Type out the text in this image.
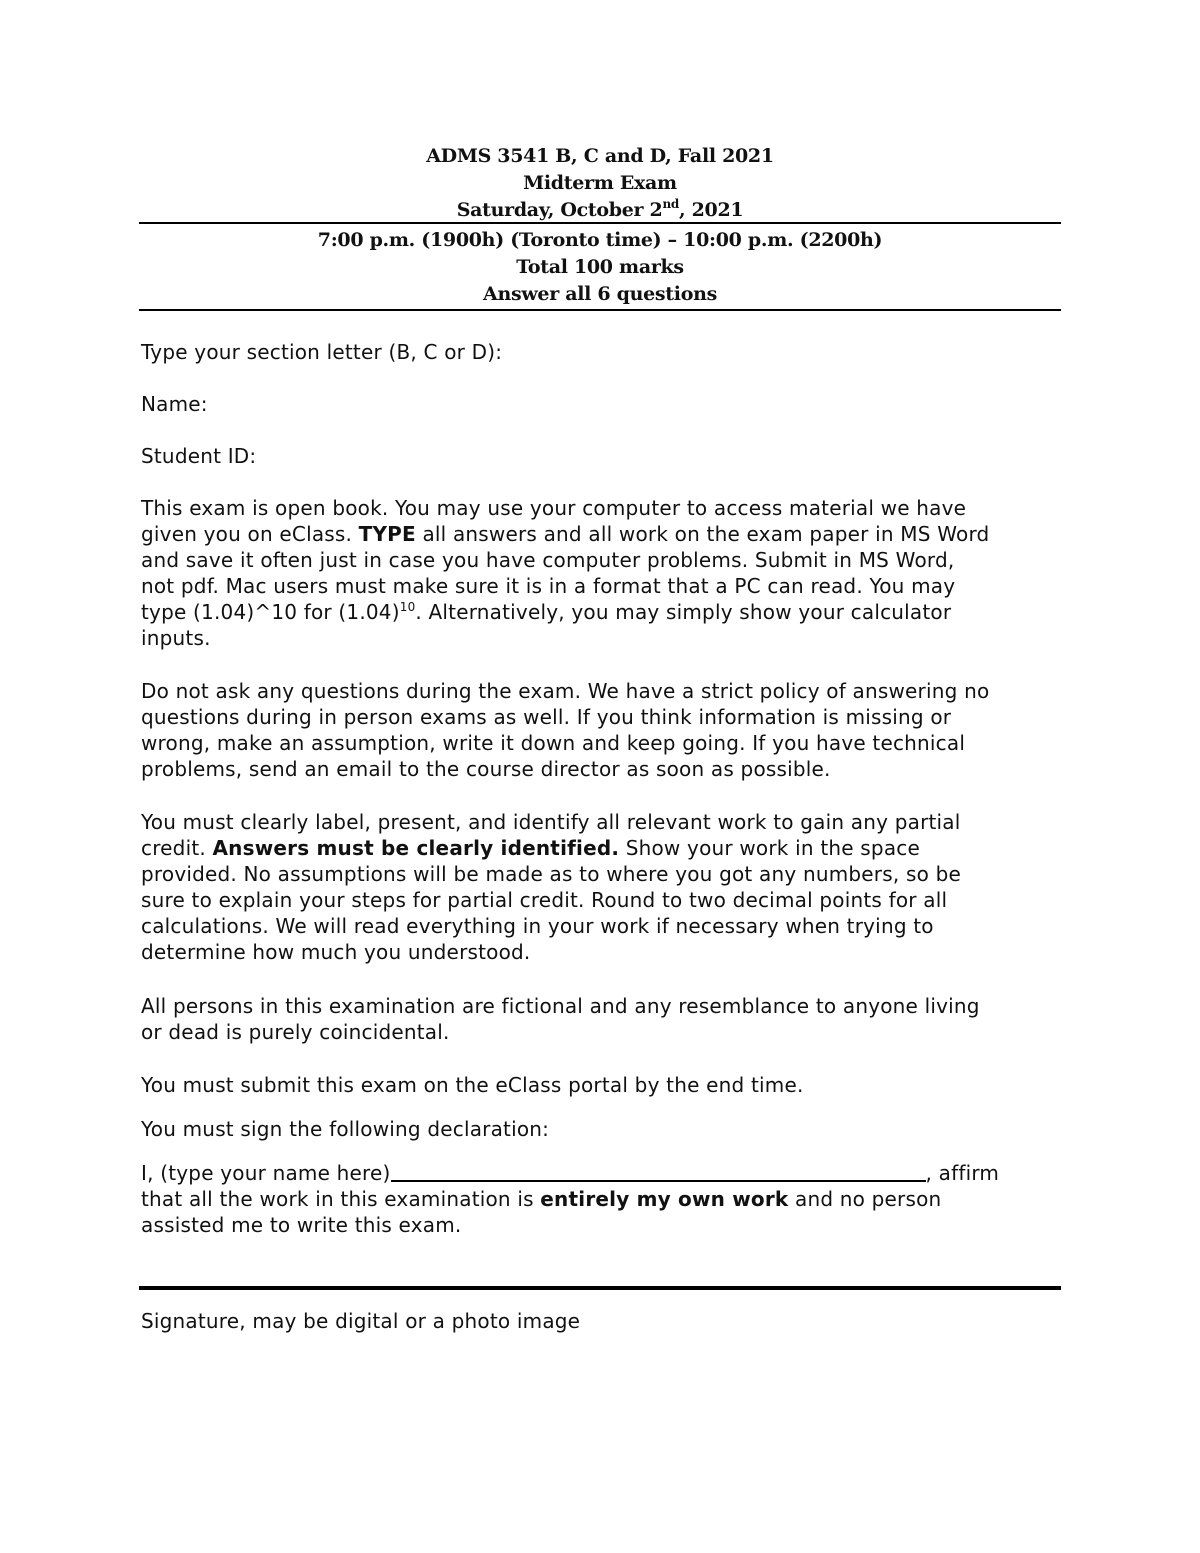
ADMS 3541 B, C and D, Fall 2021
Midterm Exam
Saturday, October 2nd, 2021
7:00 p.m. (1900h) (Toronto time) – 10:00 p.m. (2200h)
Total 100 marks
Answer all 6 questions
Type your section letter (B, C or D):
Name:
Student ID:
This exam is open book. You may use your computer to access material we have
given you on eClass. TYPE all answers and all work on the exam paper in MS Word
and save it often just in case you have computer problems. Submit in MS Word,
not pdf. Mac users must make sure it is in a format that a PC can read. You may
type (1.04)^10 for $(1.04)^{10}$. Alternatively, you may simply show your calculator
inputs.
Do not ask any questions during the exam. We have a strict policy of answering no
questions during in person exams as well. If you think information is missing or
wrong, make an assumption, write it down and keep going. If you have technical
problems, send an email to the course director as soon as possible.
You must clearly label, present, and identify all relevant work to gain any partial
credit. Answers must be clearly identified. Show your work in the space
provided. No assumptions will be made as to where you got any numbers, so be
sure to explain your steps for partial credit. Round to two decimal points for all
calculations. We will read everything in your work if necessary when trying to
determine how much you understood.
All persons in this examination are fictional and any resemblance to anyone living
or dead is purely coincidental.
You must submit this exam on the eClass portal by the end time.
You must sign the following declaration:
I, (type your name here)	, affirm
that all the work in this examination is entirely my own work and no person
assisted me to write this exam.
Signature, may be digital or a photo image
